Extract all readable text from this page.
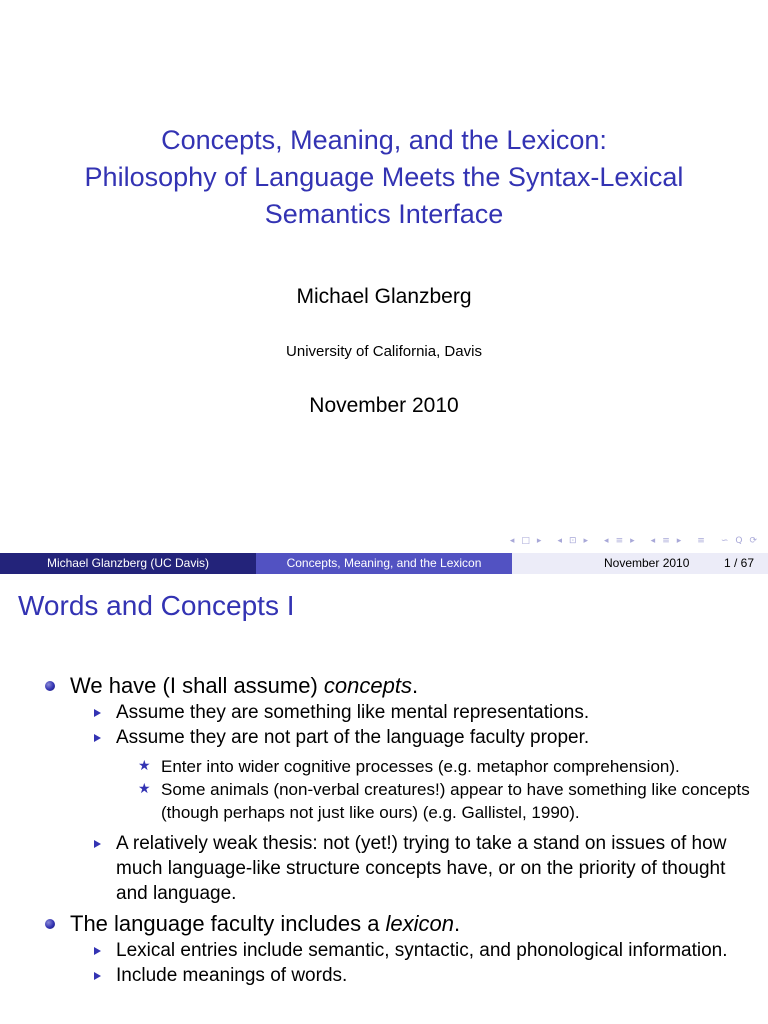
Concepts, Meaning, and the Lexicon:
Philosophy of Language Meets the Syntax-Lexical
Semantics Interface
Michael Glanzberg
University of California, Davis
November 2010
◂ □ ▸	◂ ⊡ ▸	◂ ≡ ▸	◂ ≡ ▸	≡	∽ Q ⟳
Michael Glanzberg (UC Davis)	Concepts, Meaning, and the Lexicon	November 2010	1 / 67
Words and Concepts I
We have (I shall assume) concepts.
Assume they are something like mental representations.
Assume they are not part of the language faculty proper.
★ Enter into wider cognitive processes (e.g. metaphor comprehension).
★ Some animals (non-verbal creatures!) appear to have something like concepts (though perhaps not just like ours) (e.g. Gallistel, 1990).
A relatively weak thesis: not (yet!) trying to take a stand on issues of how much language-like structure concepts have, or on the priority of thought and language.
The language faculty includes a lexicon.
Lexical entries include semantic, syntactic, and phonological information.
Include meanings of words.
